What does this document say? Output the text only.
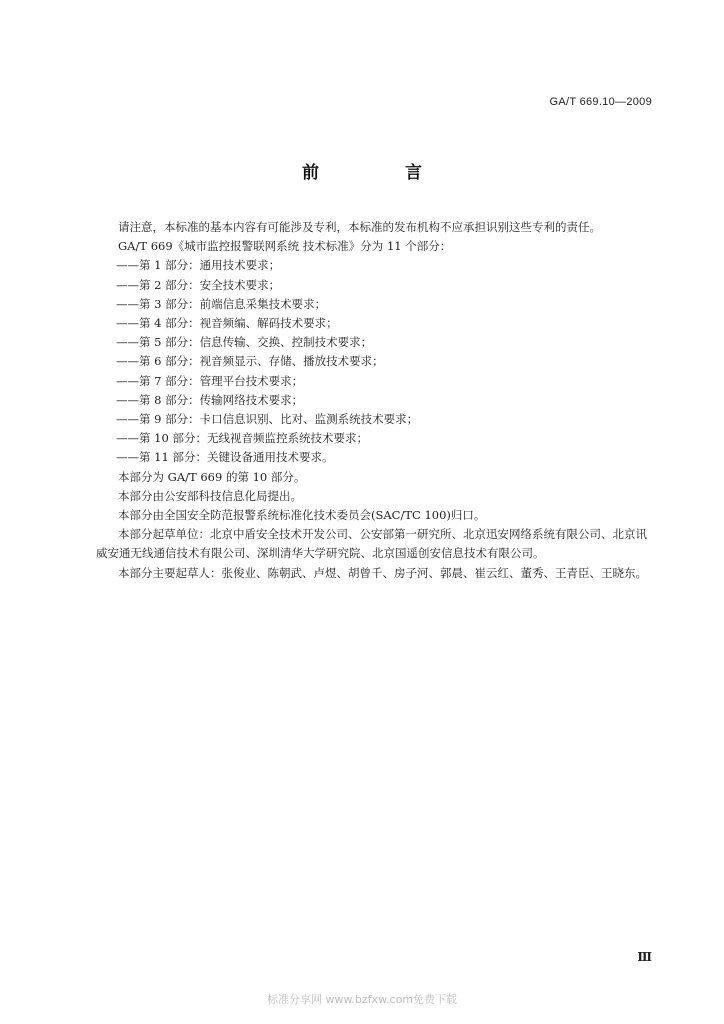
GA/T 669.10—2009
前 言

请注意，本标准的基本内容有可能涉及专利，本标准的发布机构不应承担识别这些专利的责任。

GA/T 669《城市监控报警联网系统 技术标准》分为 11 个部分：

——第 1 部分：通用技术要求；

——第 2 部分：安全技术要求；

——第 3 部分：前端信息采集技术要求；

——第 4 部分：视音频编、解码技术要求；

——第 5 部分：信息传输、交换、控制技术要求；

——第 6 部分：视音频显示、存储、播放技术要求；

——第 7 部分：管理平台技术要求；

——第 8 部分：传输网络技术要求；

——第 9 部分：卡口信息识别、比对、监测系统技术要求；

——第 10 部分：无线视音频监控系统技术要求；

——第 11 部分：关键设备通用技术要求。

本部分为 GA/T 669 的第 10 部分。

本部分由公安部科技信息化局提出。

本部分由全国安全防范报警系统标准化技术委员会(SAC/TC 100)归口。

本部分起草单位：北京中盾安全技术开发公司、公安部第一研究所、北京迅安网络系统有限公司、北京讯威安通无线通信技术有限公司、深圳清华大学研究院、北京国遥创安信息技术有限公司。

本部分主要起草人：张俊业、陈朝武、卢煜、胡曾千、房子河、郭晨、崔云红、董秀、王青臣、王晓东。

Ⅲ
标准分享网 www.bzfxw.com免费下载
